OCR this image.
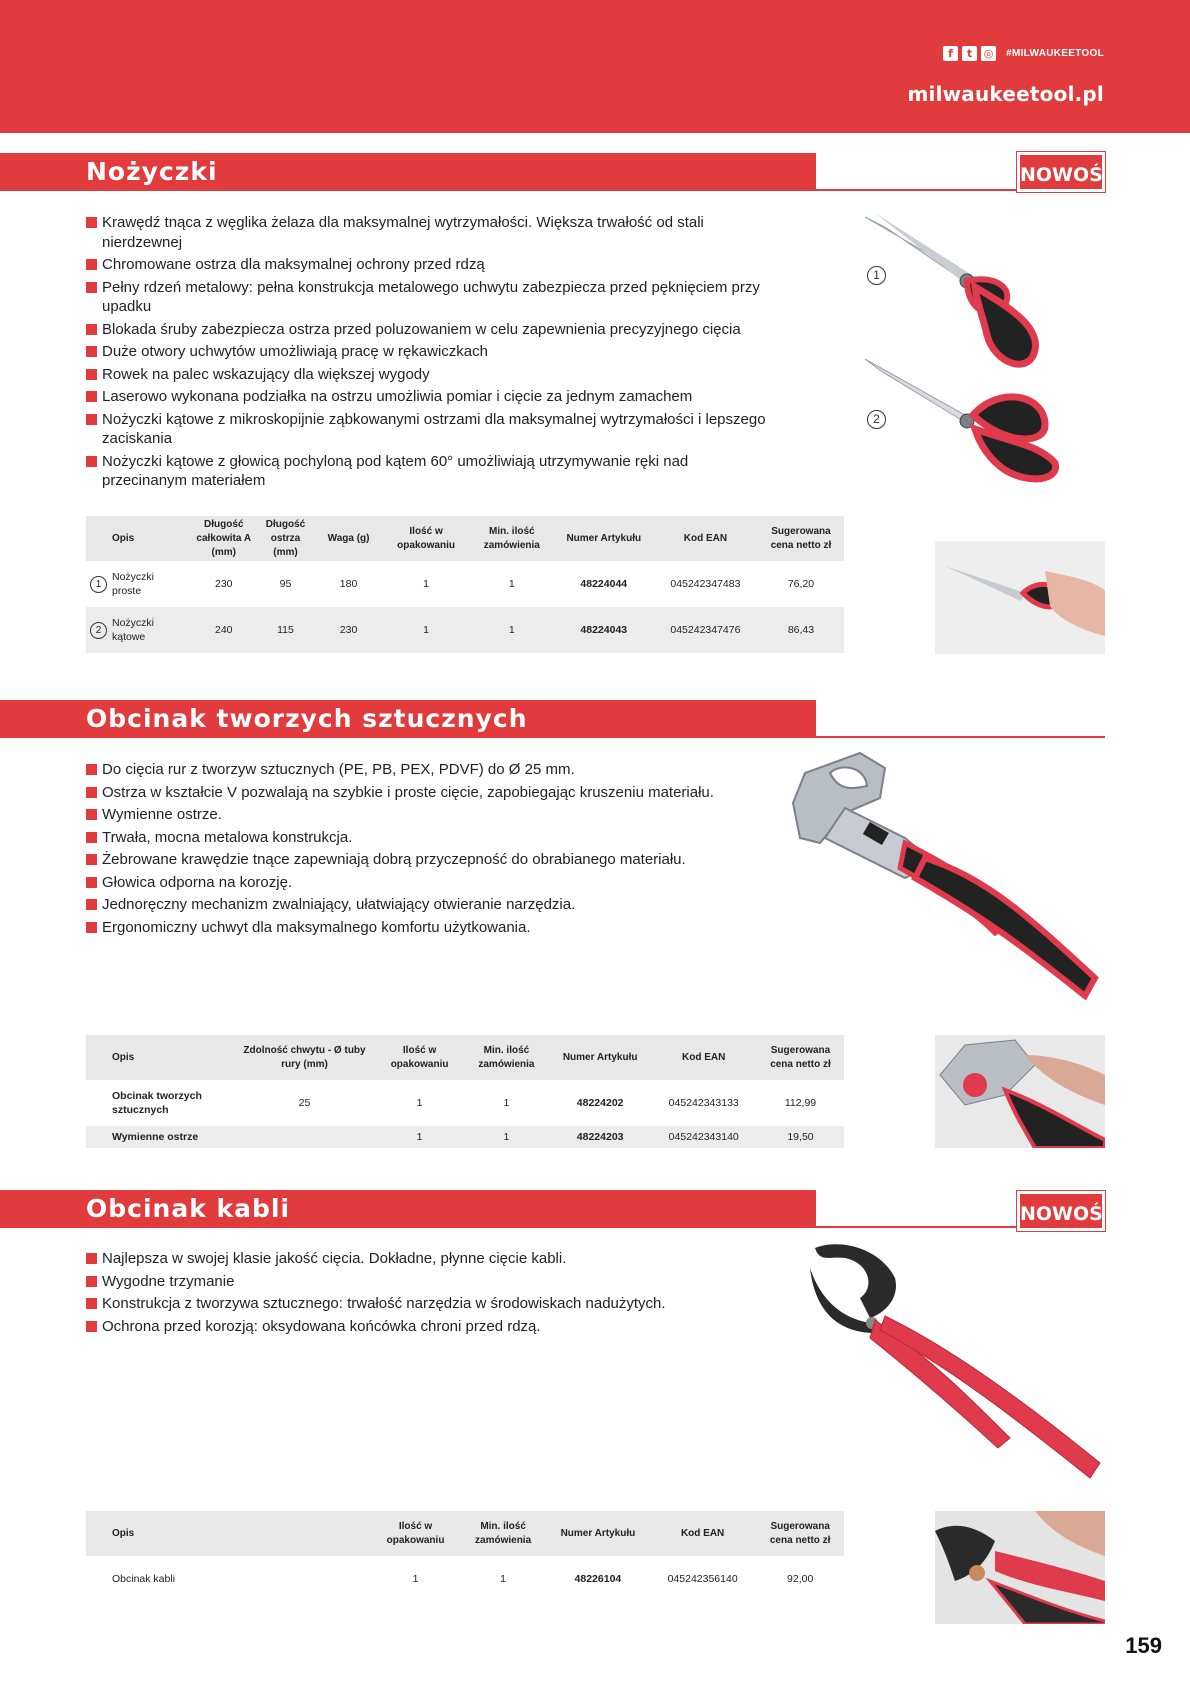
f	t	◎ #MILWAUKEETOOL
milwaukeetool.pl
Nożyczki	NOWOŚĆ
Krawędź tnąca z węglika żelaza dla maksymalnej wytrzymałości. Większa trwałość od stali nierdzewnej
Chromowane ostrza dla maksymalnej ochrony przed rdzą
Pełny rdzeń metalowy: pełna konstrukcja metalowego uchwytu zabezpiecza przed pęknięciem przy upadku
Blokada śruby zabezpiecza ostrza przed poluzowaniem w celu zapewnienia precyzyjnego cięcia
Duże otwory uchwytów umożliwiają pracę w rękawiczkach
Rowek na palec wskazujący dla większej wygody
Laserowo wykonana podziałka na ostrzu umożliwia pomiar i cięcie za jednym zamachem
Nożyczki kątowe z mikroskopijnie ząbkowanymi ostrzami dla maksymalnej wytrzymałości i lepszego zaciskania
Nożyczki kątowe z głowicą pochyloną pod kątem 60° umożliwiają utrzymywanie ręki nad przecinanym materiałem
Opis	Długość całkowita A (mm)	Długość ostrza (mm)	Waga (g)	Ilość w opakowaniu	Min. ilość zamówienia	Numer Artykułu	Kod EAN	Sugerowana cena netto zł
1Nożyczki proste	230	95	180	1	1	48224044	045242347483	76,20
2Nożyczki kątowe	240	115	230	1	1	48224043	045242347476	86,43
1
2
Obcinak tworzych sztucznych
Do cięcia rur z tworzyw sztucznych (PE, PB, PEX, PDVF) do Ø 25 mm.
Ostrza w kształcie V pozwalają na szybkie i proste cięcie, zapobiegając kruszeniu materiału.
Wymienne ostrze.
Trwała, mocna metalowa konstrukcja.
Żebrowane krawędzie tnące zapewniają dobrą przyczepność do obrabianego materiału.
Głowica odporna na korozję.
Jednoręczny mechanizm zwalniający, ułatwiający otwieranie narzędzia.
Ergonomiczny uchwyt dla maksymalnego komfortu użytkowania.
Opis	Zdolność chwytu - Ø tuby rury (mm)	Ilość w opakowaniu	Min. ilość zamówienia	Numer Artykułu	Kod EAN	Sugerowana cena netto zł
Obcinak tworzych sztucznych	25	1	1	48224202	045242343133	112,99
Wymienne ostrze		1	1	48224203	045242343140	19,50
Obcinak kabli	NOWOŚĆ
Najlepsza w swojej klasie jakość cięcia. Dokładne, płynne cięcie kabli.
Wygodne trzymanie
Konstrukcja z tworzywa sztucznego: trwałość narzędzia w środowiskach nadużytych.
Ochrona przed korozją: oksydowana końcówka chroni przed rdzą.
Opis	Ilość w opakowaniu	Min. ilość zamówienia	Numer Artykułu	Kod EAN	Sugerowana cena netto zł
Obcinak kabli	1	1	48226104	045242356140	92,00
159
